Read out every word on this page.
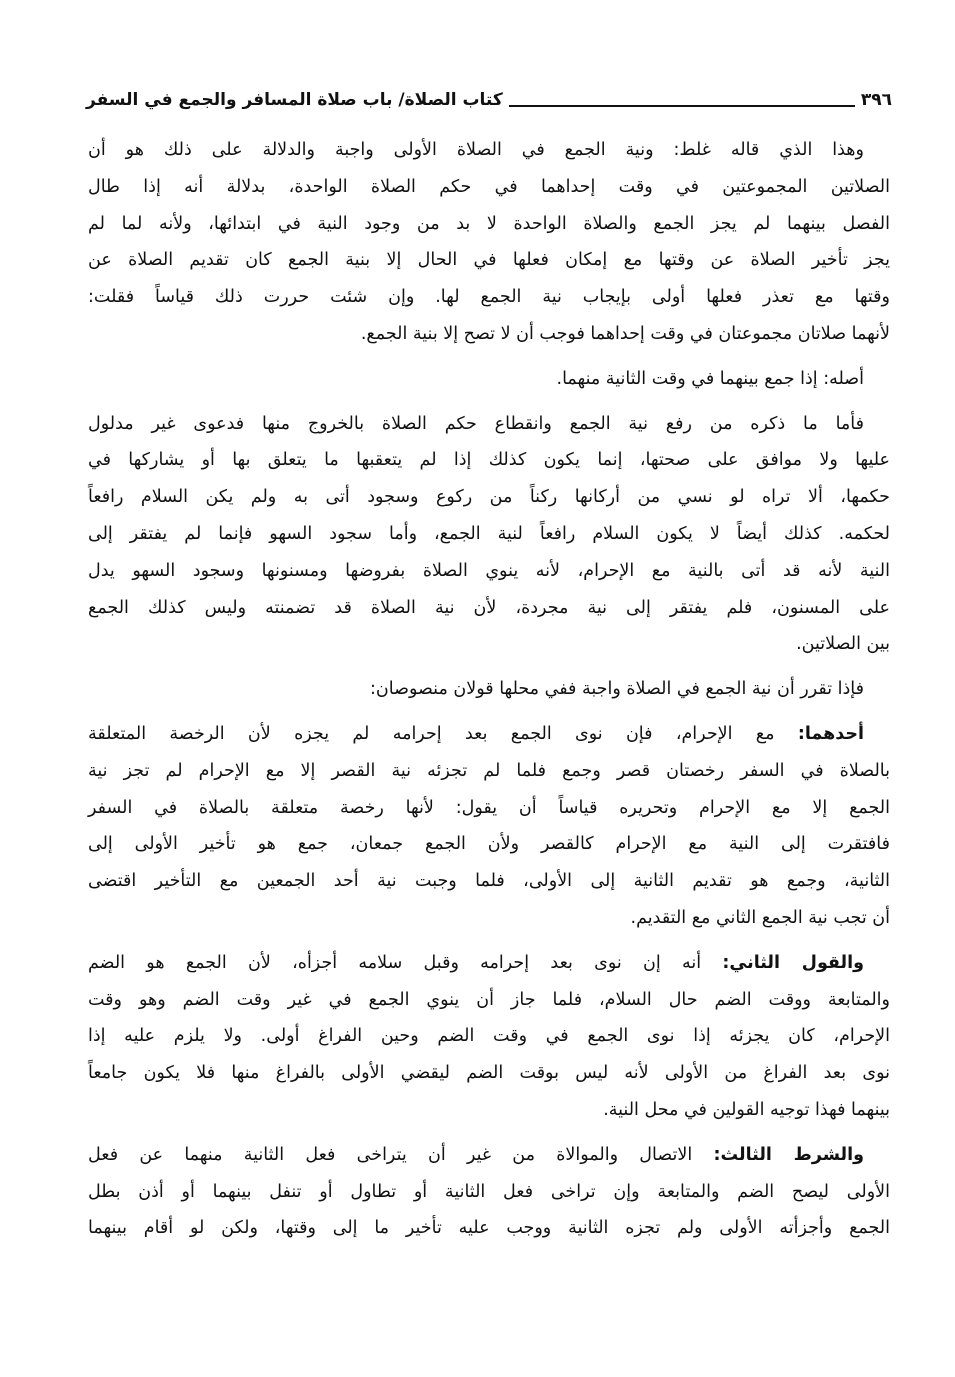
٣٩٦
كتاب الصلاة/ باب صلاة المسافر والجمع في السفر
وهذا الذي قاله غلط: ونية الجمع في الصلاة الأولى واجبة والدلالة على ذلك هو أن
الصلاتين المجموعتين في وقت إحداهما في حكم الصلاة الواحدة، بدلالة أنه إذا طال
الفصل بينهما لم يجز الجمع والصلاة الواحدة لا بد من وجود النية في ابتدائها، ولأنه لما لم
يجز تأخير الصلاة عن وقتها مع إمكان فعلها في الحال إلا بنية الجمع كان تقديم الصلاة عن
وقتها مع تعذر فعلها أولى بإيجاب نية الجمع لها. وإن شئت حررت ذلك قياساً فقلت:
لأنهما صلاتان مجموعتان في وقت إحداهما فوجب أن لا تصح إلا بنية الجمع.
أصله: إذا جمع بينهما في وقت الثانية منهما.
فأما ما ذكره من رفع نية الجمع وانقطاع حكم الصلاة بالخروج منها فدعوى غير مدلول
عليها ولا موافق على صحتها، إنما يكون كذلك إذا لم يتعقبها ما يتعلق بها أو يشاركها في
حكمها، ألا تراه لو نسي من أركانها ركناً من ركوع وسجود أتى به ولم يكن السلام رافعاً
لحكمه. كذلك أيضاً لا يكون السلام رافعاً لنية الجمع، وأما سجود السهو فإنما لم يفتقر إلى
النية لأنه قد أتى بالنية مع الإحرام، لأنه ينوي الصلاة بفروضها ومسنونها وسجود السهو يدل
على المسنون، فلم يفتقر إلى نية مجردة، لأن نية الصلاة قد تضمنته وليس كذلك الجمع
بين الصلاتين.
فإذا تقرر أن نية الجمع في الصلاة واجبة ففي محلها قولان منصوصان:
أحدهما: مع الإحرام، فإن نوى الجمع بعد إحرامه لم يجزه لأن الرخصة المتعلقة
بالصلاة في السفر رخصتان قصر وجمع فلما لم تجزئه نية القصر إلا مع الإحرام لم تجز نية
الجمع إلا مع الإحرام وتحريره قياساً أن يقول: لأنها رخصة متعلقة بالصلاة في السفر
فافتقرت إلى النية مع الإحرام كالقصر ولأن الجمع جمعان، جمع هو تأخير الأولى إلى
الثانية، وجمع هو تقديم الثانية إلى الأولى، فلما وجبت نية أحد الجمعين مع التأخير اقتضى
أن تجب نية الجمع الثاني مع التقديم.
والقول الثاني: أنه إن نوى بعد إحرامه وقبل سلامه أجزأه، لأن الجمع هو الضم
والمتابعة ووقت الضم حال السلام، فلما جاز أن ينوي الجمع في غير وقت الضم وهو وقت
الإحرام، كان يجزئه إذا نوى الجمع في وقت الضم وحين الفراغ أولى. ولا يلزم عليه إذا
نوى بعد الفراغ من الأولى لأنه ليس بوقت الضم ليقضي الأولى بالفراغ منها فلا يكون جامعاً
بينهما فهذا توجيه القولين في محل النية.
والشرط الثالث: الاتصال والموالاة من غير أن يتراخى فعل الثانية منهما عن فعل
الأولى ليصح الضم والمتابعة وإن تراخى فعل الثانية أو تطاول أو تنفل بينهما أو أذن بطل
الجمع وأجزأته الأولى ولم تجزه الثانية ووجب عليه تأخير ما إلى وقتها، ولكن لو أقام بينهما
